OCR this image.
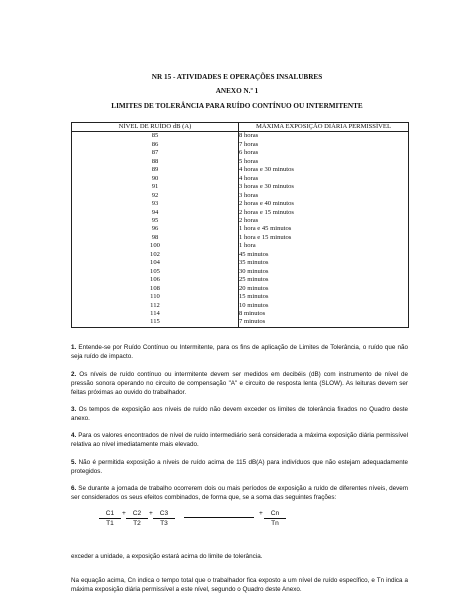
NR 15 - ATIVIDADES E OPERAÇÕES INSALUBRES
ANEXO N.º 1
LIMITES DE TOLERÂNCIA PARA RUÍDO CONTÍNUO OU INTERMITENTE
NÍVEL DE RUÍDO dB (A)	MÁXIMA EXPOSIÇÃO DIÁRIA PERMISSÍVEL
85	8 horas
86	7 horas
87	6 horas
88	5 horas
89	4 horas e 30 minutos
90	4 horas
91	3 horas e 30 minutos
92	3 horas
93	2 horas e 40 minutos
94	2 horas e 15 minutos
95	2 horas
96	1 hora e 45 minutos
98	1 hora e 15 minutos
100	1 hora
102	45 minutos
104	35 minutos
105	30 minutos
106	25 minutos
108	20 minutos
110	15 minutos
112	10 minutos
114	8 minutos
115	7 minutos

1. Entende-se por Ruído Contínuo ou Intermitente, para os fins de aplicação de Limites de Tolerância, o ruído que não seja ruído de impacto.

2. Os níveis de ruído contínuo ou intermitente devem ser medidos em decibéis (dB) com instrumento de nível de pressão sonora operando no circuito de compensação "A" e circuito de resposta lenta (SLOW). As leituras devem ser feitas próximas ao ouvido do trabalhador.

3. Os tempos de exposição aos níveis de ruído não devem exceder os limites de tolerância fixados no Quadro deste anexo.

4. Para os valores encontrados de nível de ruído intermediário será considerada a máxima exposição diária permissível relativa ao nível imediatamente mais elevado.

5. Não é permitida exposição a níveis de ruído acima de 115 dB(A) para indivíduos que não estejam adequadamente protegidos.

6. Se durante a jornada de trabalho ocorrerem dois ou mais períodos de exposição a ruído de diferentes níveis, devem ser considerados os seus efeitos combinados, de forma que, se a soma das seguintes frações:

$\frac{C1}{T1} + \frac{C2}{T2} + \frac{C3}{T3}$	+ $\frac{Cn}{Tn}$

exceder a unidade, a exposição estará acima do limite de tolerância.

Na equação acima, Cn indica o tempo total que o trabalhador fica exposto a um nível de ruído específico, e Tn indica a máxima exposição diária permissível a este nível, segundo o Quadro deste Anexo.
